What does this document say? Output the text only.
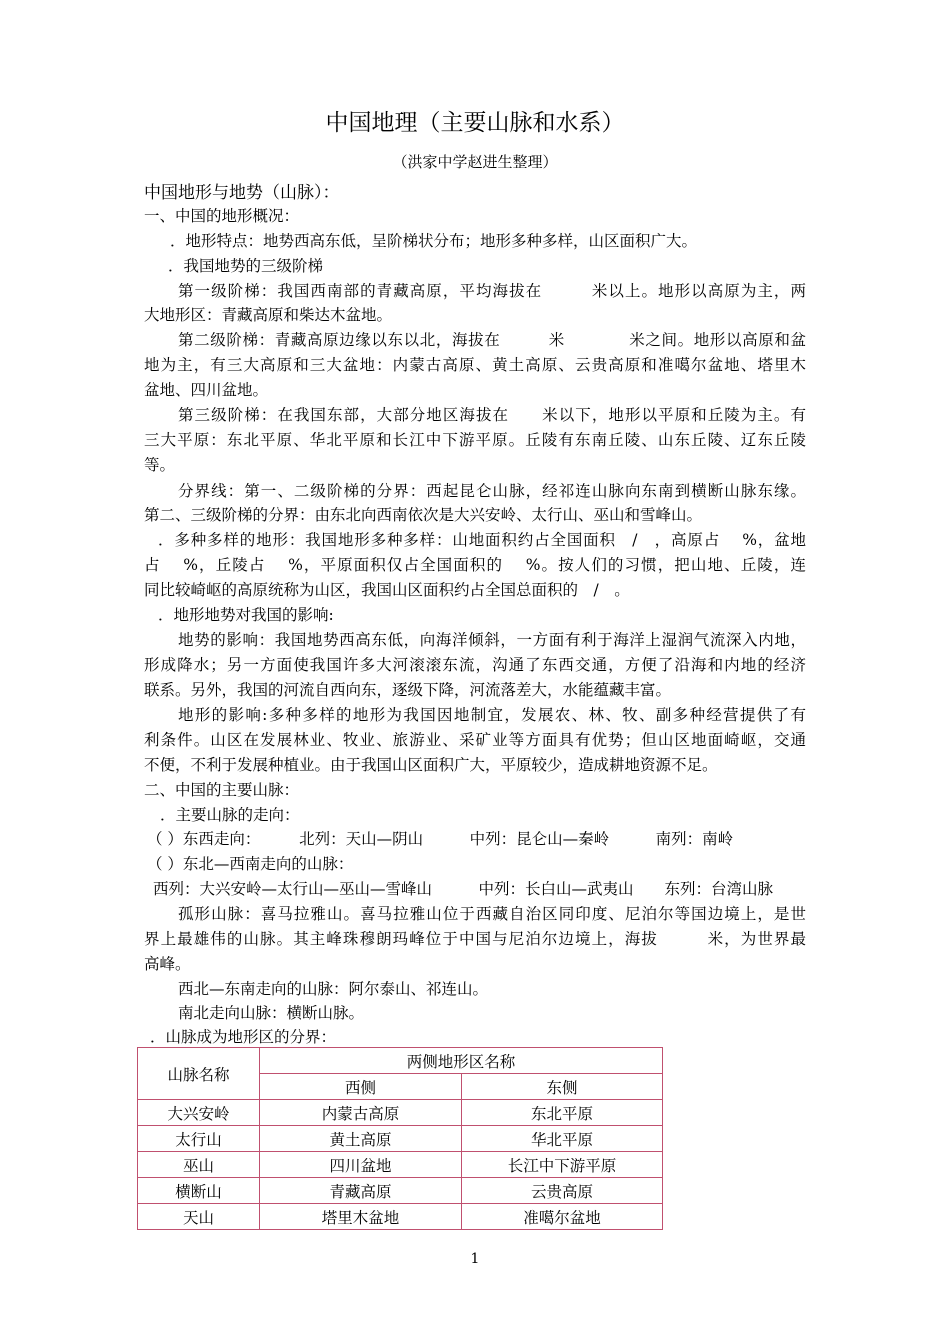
中国地理（主要山脉和水系）
（洪家中学赵进生整理）
中国地形与地势（山脉）：
一、中国的地形概况：
．地形特点：地势西高东低，呈阶梯状分布；地形多种多样，山区面积广大。
．我国地势的三级阶梯
第一级阶梯：我国西南部的青藏高原，平均海拔在　　　米以上。地形以高原为主，两
大地形区：青藏高原和柴达木盆地。
第二级阶梯：青藏高原边缘以东以北，海拔在　　　米　　　　米之间。地形以高原和盆
地为主，有三大高原和三大盆地：内蒙古高原、黄土高原、云贵高原和准噶尔盆地、塔里木
盆地、四川盆地。
第三级阶梯：在我国东部，大部分地区海拔在　　米以下，地形以平原和丘陵为主。有
三大平原：东北平原、华北平原和长江中下游平原。丘陵有东南丘陵、山东丘陵、辽东丘陵
等。
分界线：第一、二级阶梯的分界：西起昆仑山脉，经祁连山脉向东南到横断山脉东缘。
第二、三级阶梯的分界：由东北向西南依次是大兴安岭、太行山、巫山和雪峰山。
．多种多样的地形：我国地形多种多样：山地面积约占全国面积　/　，高原占　 %，盆地
占　 %，丘陵占　 %，平原面积仅占全国面积的　 %。按人们的习惯，把山地、丘陵，连
同比较崎岖的高原统称为山区，我国山区面积约占全国总面积的　/　。
．地形地势对我国的影响:
地势的影响：我国地势西高东低，向海洋倾斜，一方面有利于海洋上湿润气流深入内地，
形成降水；另一方面使我国许多大河滚滚东流，沟通了东西交通，方便了沿海和内地的经济
联系。另外，我国的河流自西向东，逐级下降，河流落差大，水能蕴藏丰富。
地形的影响:多种多样的地形为我国因地制宜，发展农、林、牧、副多种经营提供了有
利条件。山区在发展林业、牧业、旅游业、采矿业等方面具有优势；但山区地面崎岖，交通
不便，不利于发展种植业。由于我国山区面积广大，平原较少，造成耕地资源不足。
二、中国的主要山脉：
．主要山脉的走向：
（ ）东西走向：　　　北列：天山—阴山　　　中列：昆仑山—秦岭　　　南列：南岭
（ ）东北—西南走向的山脉：
西列：大兴安岭—太行山—巫山—雪峰山　　　中列：长白山—武夷山　　东列：台湾山脉
孤形山脉：喜马拉雅山。喜马拉雅山位于西藏自治区同印度、尼泊尔等国边境上，是世
界上最雄伟的山脉。其主峰珠穆朗玛峰位于中国与尼泊尔边境上，海拔　　　米，为世界最
高峰。
西北—东南走向的山脉：阿尔泰山、祁连山。
南北走向山脉：横断山脉。
．山脉成为地形区的分界：
山脉名称	两侧地形区名称	
	西侧	东侧
大兴安岭	内蒙古高原	东北平原
太行山	黄土高原	华北平原
巫山	四川盆地	长江中下游平原
横断山	青藏高原	云贵高原
天山	塔里木盆地	准噶尔盆地
1
